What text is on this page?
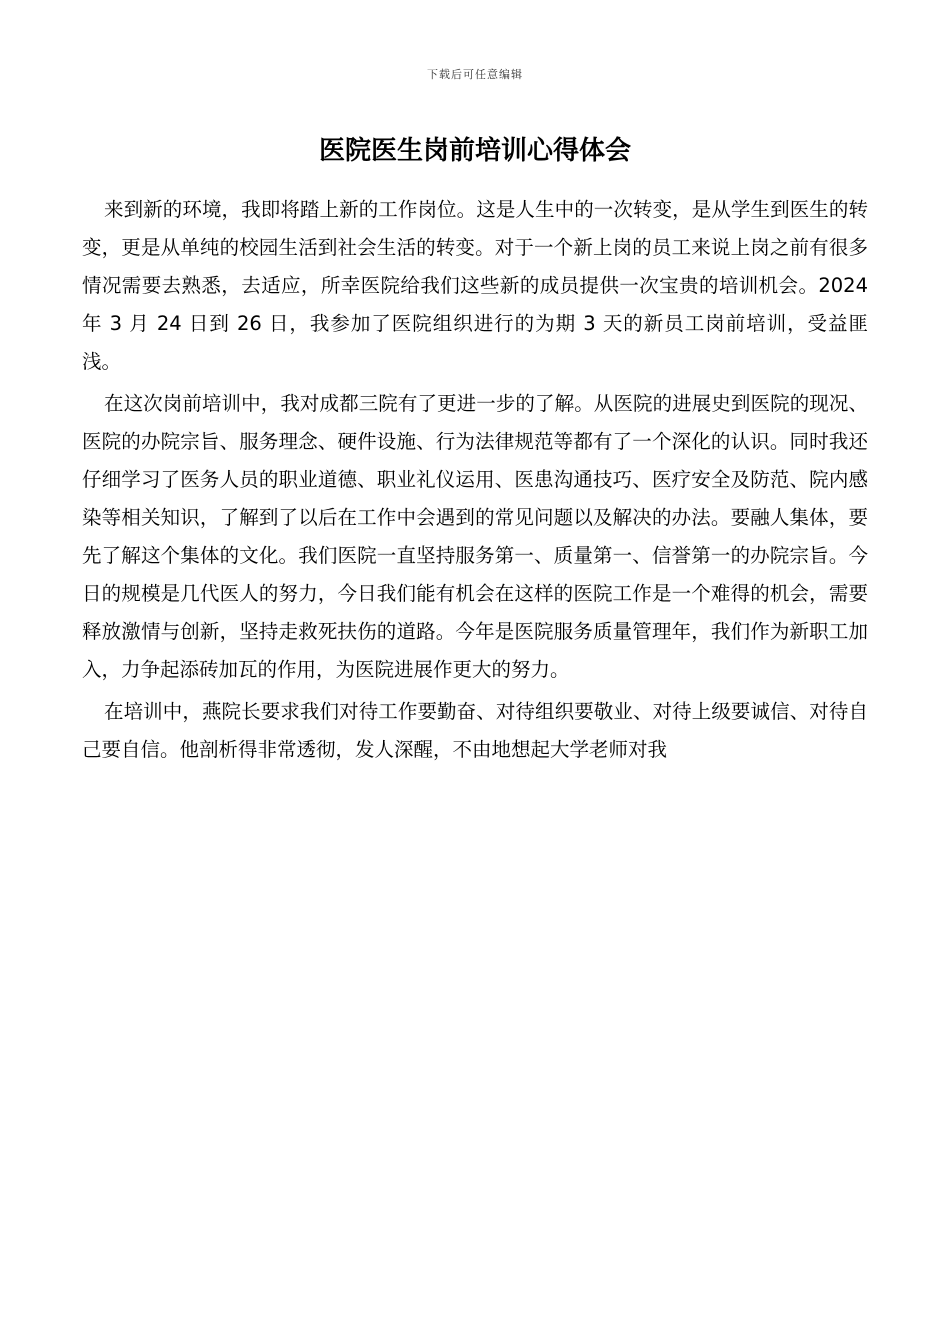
下载后可任意编辑
医院医生岗前培训心得体会

来到新的环境，我即将踏上新的工作岗位。这是人生中的一次转变，是从学生到医生的转变，更是从单纯的校园生活到社会生活的转变。对于一个新上岗的员工来说上岗之前有很多情况需要去熟悉，去适应，所幸医院给我们这些新的成员提供一次宝贵的培训机会。2024 年 3 月 24 日到 26 日，我参加了医院组织进行的为期 3 天的新员工岗前培训，受益匪浅。

在这次岗前培训中，我对成都三院有了更进一步的了解。从医院的进展史到医院的现况、医院的办院宗旨、服务理念、硬件设施、行为法律规范等都有了一个深化的认识。同时我还仔细学习了医务人员的职业道德、职业礼仪运用、医患沟通技巧、医疗安全及防范、院内感染等相关知识，了解到了以后在工作中会遇到的常见问题以及解决的办法。要融人集体，要先了解这个集体的文化。我们医院一直坚持服务第一、质量第一、信誉第一的办院宗旨。今日的规模是几代医人的努力，今日我们能有机会在这样的医院工作是一个难得的机会，需要释放激情与创新，坚持走救死扶伤的道路。今年是医院服务质量管理年，我们作为新职工加入，力争起添砖加瓦的作用，为医院进展作更大的努力。

在培训中，燕院长要求我们对待工作要勤奋、对待组织要敬业、对待上级要诚信、对待自己要自信。他剖析得非常透彻，发人深醒，不由地想起大学老师对我
